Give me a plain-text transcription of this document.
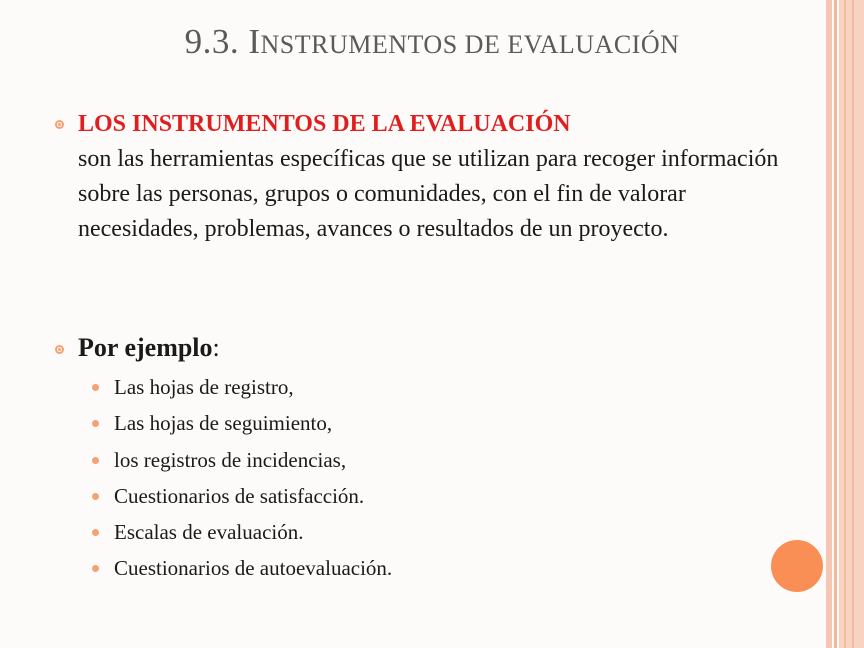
9.3. INSTRUMENTOS DE EVALUACIÓN
LOS INSTRUMENTOS DE LA EVALUACIÓN
son las herramientas específicas que se utilizan para recoger información sobre las personas, grupos o comunidades, con el fin de valorar necesidades, problemas, avances o resultados de un proyecto.
Por ejemplo:
Las hojas de registro,
Las hojas de seguimiento,
los registros de incidencias,
Cuestionarios de satisfacción.
Escalas de evaluación.
Cuestionarios de autoevaluación.
